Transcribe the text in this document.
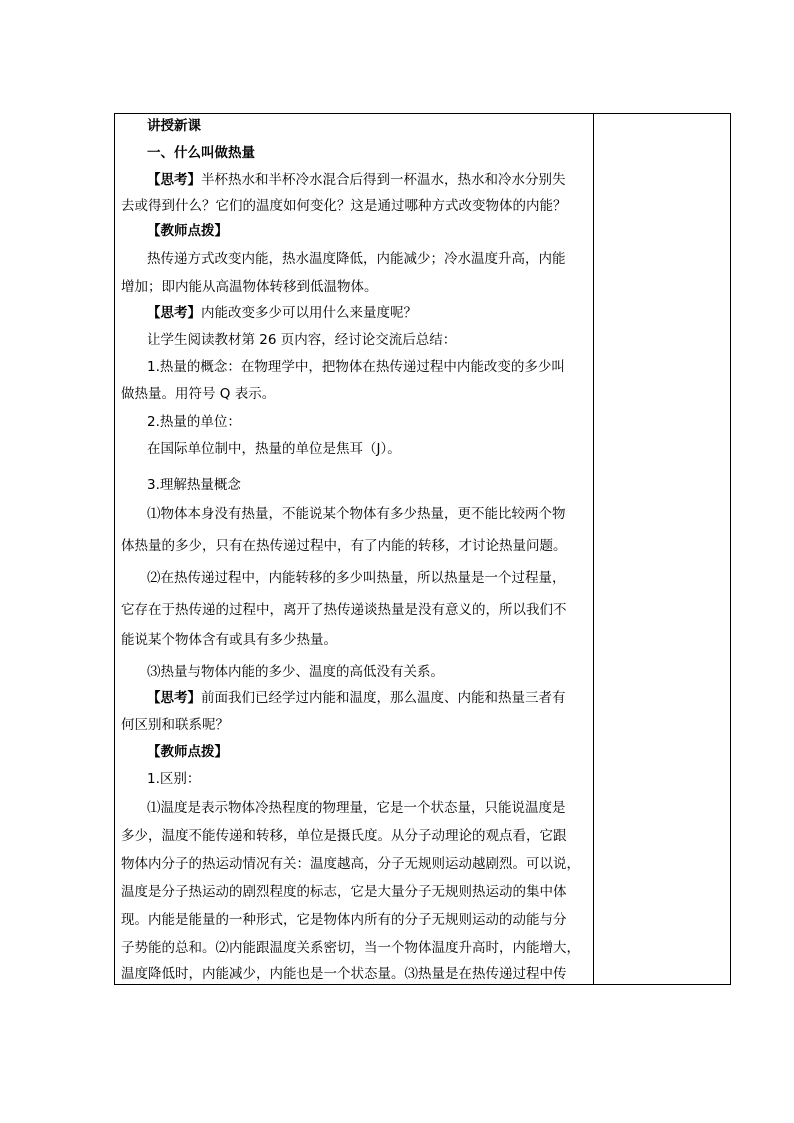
讲授新课
一、什么叫做热量
【思考】半杯热水和半杯冷水混合后得到一杯温水，热水和冷水分别失
去或得到什么？它们的温度如何变化？这是通过哪种方式改变物体的内能？
【教师点拨】
热传递方式改变内能，热水温度降低，内能减少；冷水温度升高，内能
增加；即内能从高温物体转移到低温物体。
【思考】内能改变多少可以用什么来量度呢？
让学生阅读教材第 26 页内容，经讨论交流后总结：
1.热量的概念：在物理学中，把物体在热传递过程中内能改变的多少叫
做热量。用符号 Q 表示。
2.热量的单位：
在国际单位制中，热量的单位是焦耳（J）。
3.理解热量概念
⑴物体本身没有热量，不能说某个物体有多少热量，更不能比较两个物
体热量的多少，只有在热传递过程中，有了内能的转移，才讨论热量问题。
⑵在热传递过程中，内能转移的多少叫热量，所以热量是一个过程量，
它存在于热传递的过程中，离开了热传递谈热量是没有意义的，所以我们不
能说某个物体含有或具有多少热量。
⑶热量与物体内能的多少、温度的高低没有关系。
【思考】前面我们已经学过内能和温度，那么温度、内能和热量三者有
何区别和联系呢？
【教师点拨】
1.区别：
⑴温度是表示物体冷热程度的物理量，它是一个状态量，只能说温度是
多少，温度不能传递和转移，单位是摄氏度。从分子动理论的观点看，它跟
物体内分子的热运动情况有关：温度越高，分子无规则运动越剧烈。可以说，
温度是分子热运动的剧烈程度的标志，它是大量分子无规则热运动的集中体
现。内能是能量的一种形式，它是物体内所有的分子无规则运动的动能与分
子势能的总和。⑵内能跟温度关系密切，当一个物体温度升高时，内能增大，
温度降低时，内能减少，内能也是一个状态量。⑶热量是在热传递过程中传
